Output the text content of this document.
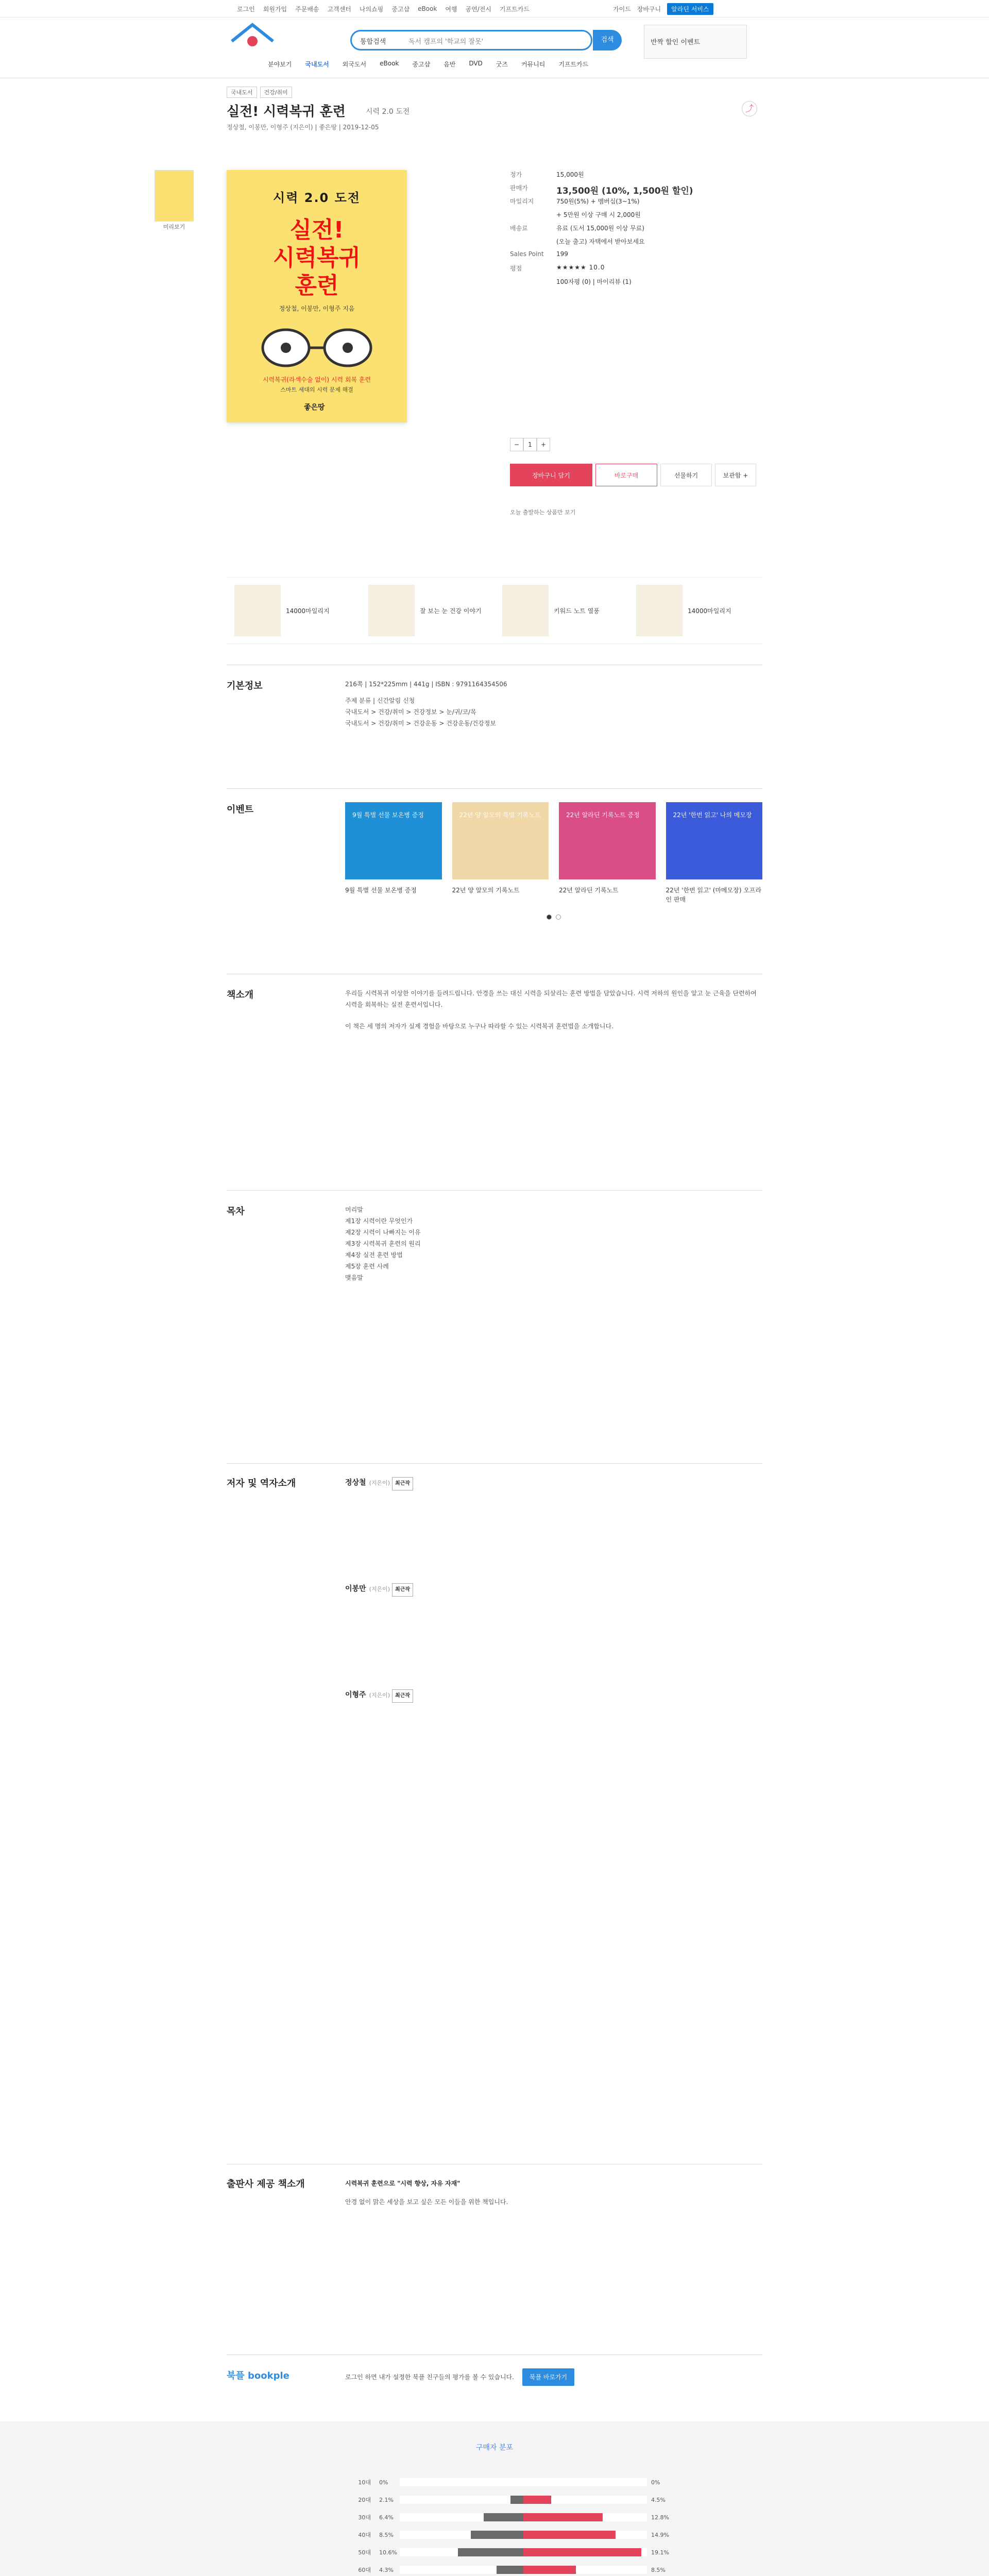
로그인 회원가입 주문배송 고객센터 나의쇼핑 중고샵 eBook 여행 공연/전시 기프트카드	가이드 장바구니	알라딘 서비스
통합검색	독서 캠프의 '학교의 잘못'	검색	반짝 할인 이벤트
분야보기 국내도서 외국도서 eBook 중고샵 음반 DVD 굿즈 커뮤니티 기프트카드
국내도서	건강/취미
실전! 시력복귀 훈련	시력 2.0 도전
정상철, 이봉만, 이형주 (지은이) | 좋은땅 | 2019-12-05
⤴
미리보기
시력 2.0 도전
실전!
시력복귀
훈련
정상철, 이봉만, 이형주 지음
시력복귀(라섹수술 없이) 시력 회복 훈련
스마트 세대의 시력 문제 해결
좋은땅
정가	15,000원
판매가	13,500원 (10%, 1,500원 할인)
마일리지	750원(5%) + 멤버십(3~1%)
+ 5만원 이상 구매 시 2,000원
배송료	유료 (도서 15,000원 이상 무료)
(오늘 출고) 자택에서 받아보세요
Sales Point	199
평점	★★★★★ 10.0
100자평 (0) | 마이리뷰 (1)
−	1	+
장바구니 담기	바로구매	선물하기	보관함 +
오늘 출발하는 상품만 보기
14000마일리지	잘 보는 눈 건강 이야기	키워드 노트 열풍	14000마일리지
기본정보	216쪽 | 152*225mm | 441g | ISBN : 9791164354506
주제 분류 | 신간알림 신청
국내도서 > 건강/취미 > 건강정보 > 눈/귀/코/목
국내도서 > 건강/취미 > 건강운동 > 건강운동/건강정보
이벤트	9월 특별 선물 보온병 증정
9월 특별 선물 보온병 증정
22년 양 알모의 특별 기록노트
22년 양 알모의 기록노트
22년 알라딘 기록노트 증정
22년 알라딘 기록노트
22년 '한번 읽고' 나의 메모장
22년 '한번 읽고' (마메모장) 오프라인 판매
책소개	우리들 시력복귀 이상한 이야기를 들려드립니다. 안경을 쓰는 대신 시력을 되살리는 훈련 방법을 담았습니다. 시력 저하의 원인을 알고 눈 근육을 단련하여 시력을 회복하는 실전 훈련서입니다.

이 책은 세 명의 저자가 실제 경험을 바탕으로 누구나 따라할 수 있는 시력복귀 훈련법을 소개합니다.

목차	머리말
제1장 시력이란 무엇인가
제2장 시력이 나빠지는 이유
제3장 시력복귀 훈련의 원리
제4장 실전 훈련 방법
제5장 훈련 사례
맺음말
저자 및 역자소개	정상철 (지은이) 최근작
이봉만 (지은이) 최근작
이형주 (지은이) 최근작
출판사 제공 책소개	시력복귀 훈련으로 "시력 향상, 자유 자재"

안경 없이 맑은 세상을 보고 싶은 모든 이들을 위한 책입니다.

북플 bookple	로그인 하면 내가 설정한 북플 친구들의 평가를 볼 수 있습니다. 북플 바로가기
구매자 분포
10대 0%	0%
20대 2.1%	4.5%
30대 6.4%	12.8%
40대 8.5%	14.9%
50대 10.6%	19.1%
60대 4.3%	8.5%
